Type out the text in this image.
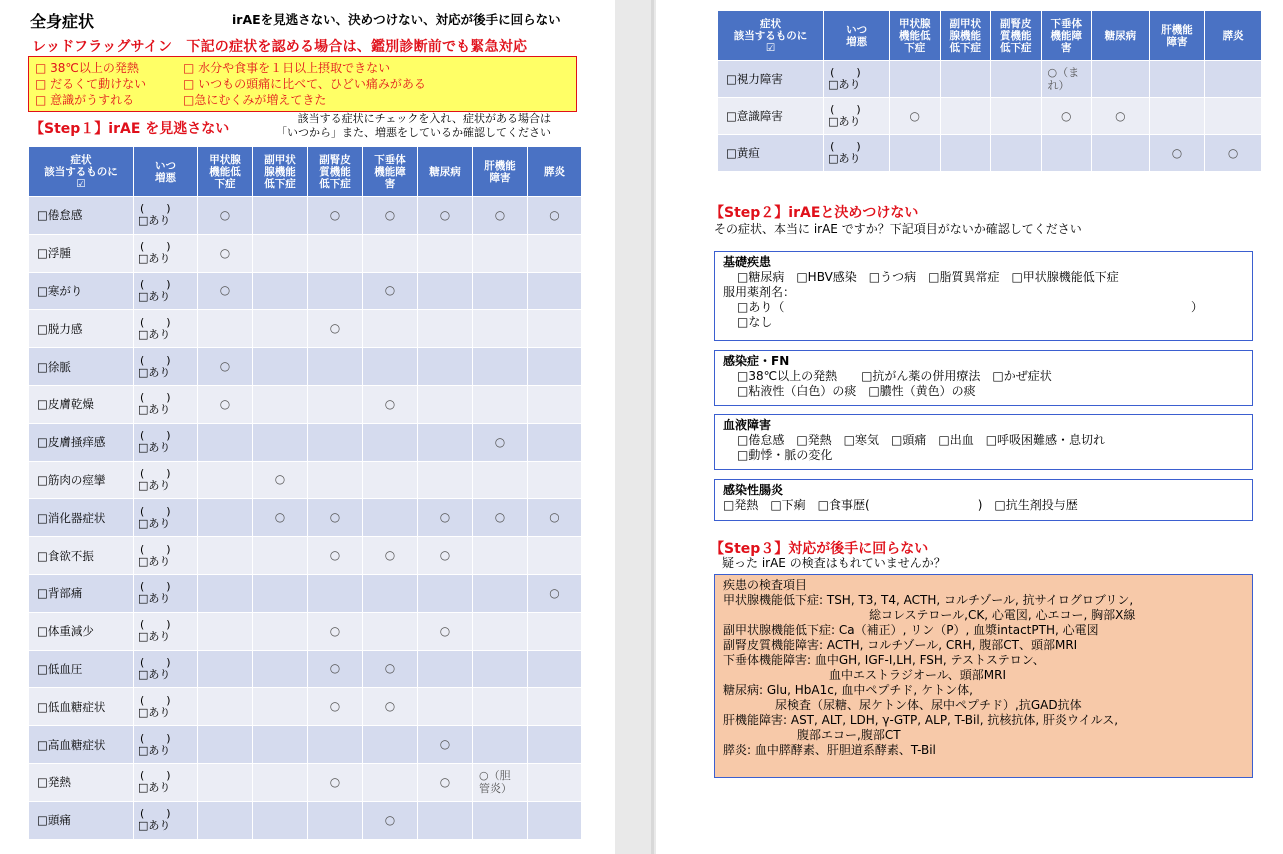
全身症状	irAEを見逃さない、決めつけない、対応が後手に回らない
レッドフラッグサイン　下記の症状を認める場合は、鑑別診断前でも緊急対応
□ 38℃以上の発熱	□ 水分や食事を１日以上摂取できない
□ だるくて動けない	□ いつもの頭痛に比べて、ひどい痛みがある
□ 意識がうすれる	□急にむくみが増えてきた
【Step１】irAE を見逃さない
該当する症状にチェックを入れ、症状がある場合は
「いつから」また、増悪をしているか確認してください
症状
該当するものに
☑	いつ
増悪	甲状腺
機能低
下症	副甲状
腺機能
低下症	副腎皮
質機能
低下症	下垂体
機能障
害	糖尿病	肝機能
障害	膵炎
□倦怠感	(　　)
□あり	○		○	○	○	○	○
□浮腫	(　　)
□あり	○						
□寒がり	(　　)
□あり	○			○			
□脱力感	(　　)
□あり			○				
□徐脈	(　　)
□あり	○						
□皮膚乾燥	(　　)
□あり	○			○			
□皮膚掻痒感	(　　)
□あり						○	
□筋肉の痙攣	(　　)
□あり		○					
□消化器症状	(　　)
□あり		○	○		○	○	○
□食欲不振	(　　)
□あり			○	○	○		
□背部痛	(　　)
□あり							○
□体重減少	(　　)
□あり			○		○		
□低血圧	(　　)
□あり			○	○			
□低血糖症状	(　　)
□あり			○	○			
□高血糖症状	(　　)
□あり					○		
□発熱	(　　)
□あり			○		○	○（胆
管炎）	
□頭痛	(　　)
□あり				○			
症状
該当するものに
☑	いつ
増悪	甲状腺
機能低
下症	副甲状
腺機能
低下症	副腎皮
質機能
低下症	下垂体
機能障
害	糖尿病	肝機能
障害	膵炎
□視力障害	(　　)
□あり				○（ま
れ）			
□意識障害	(　　)
□あり	○			○	○		
□黄疸	(　　)
□あり						○	○
【Step２】irAEと決めつけない
その症状、本当に irAE ですか？下記項目がないか確認してください
基礎疾患
□糖尿病　□HBV感染　□うつ病　□脂質異常症　□甲状腺機能低下症
服用薬剤名：
□あり（	）
□なし
感染症・FN
□38℃以上の発熱　　□抗がん薬の併用療法　□かぜ症状
□粘液性（白色）の痰　□膿性（黄色）の痰
血液障害
□倦怠感　□発熱　□寒気　□頭痛　□出血　□呼吸困難感・息切れ
□動悸・脈の変化
感染性腸炎
□発熱　□下痢　□食事歴(　　　　　　　　　)　□抗生剤投与歴
【Step３】対応が後手に回らない
疑った irAE の検査はもれていませんか？
疾患の検査項目
甲状腺機能低下症: TSH, T3, T4, ACTH, コルチゾール, 抗サイログロブリン,
総コレステロール,CK, 心電図, 心エコー, 胸部X線
副甲状腺機能低下症: Ca（補正）, リン（P）, 血漿intactPTH, 心電図
副腎皮質機能障害: ACTH, コルチゾール, CRH, 腹部CT、頭部MRI
下垂体機能障害: 血中GH, IGF-I,LH, FSH, テストステロン、
血中エストラジオール、頭部MRI
糖尿病: Glu, HbA1c, 血中ペプチド, ケトン体,
尿検査（尿糖、尿ケトン体、尿中ペプチド）,抗GAD抗体
肝機能障害: AST, ALT, LDH, γ-GTP, ALP, T-Bil, 抗核抗体, 肝炎ウイルス,
腹部エコー,腹部CT
膵炎: 血中膵酵素、肝胆道系酵素、T-Bil
